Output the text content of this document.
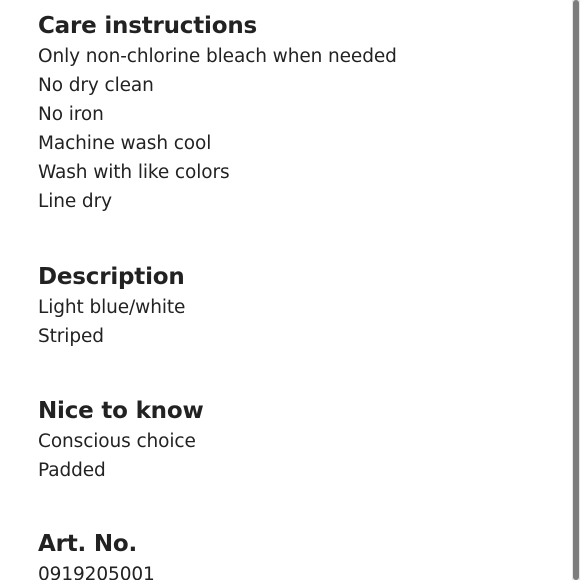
Care instructions

Only non-chlorine bleach when needed

No dry clean

No iron

Machine wash cool

Wash with like colors

Line dry

Description

Light blue/white

Striped

Nice to know

Conscious choice

Padded

Art. No.

0919205001
